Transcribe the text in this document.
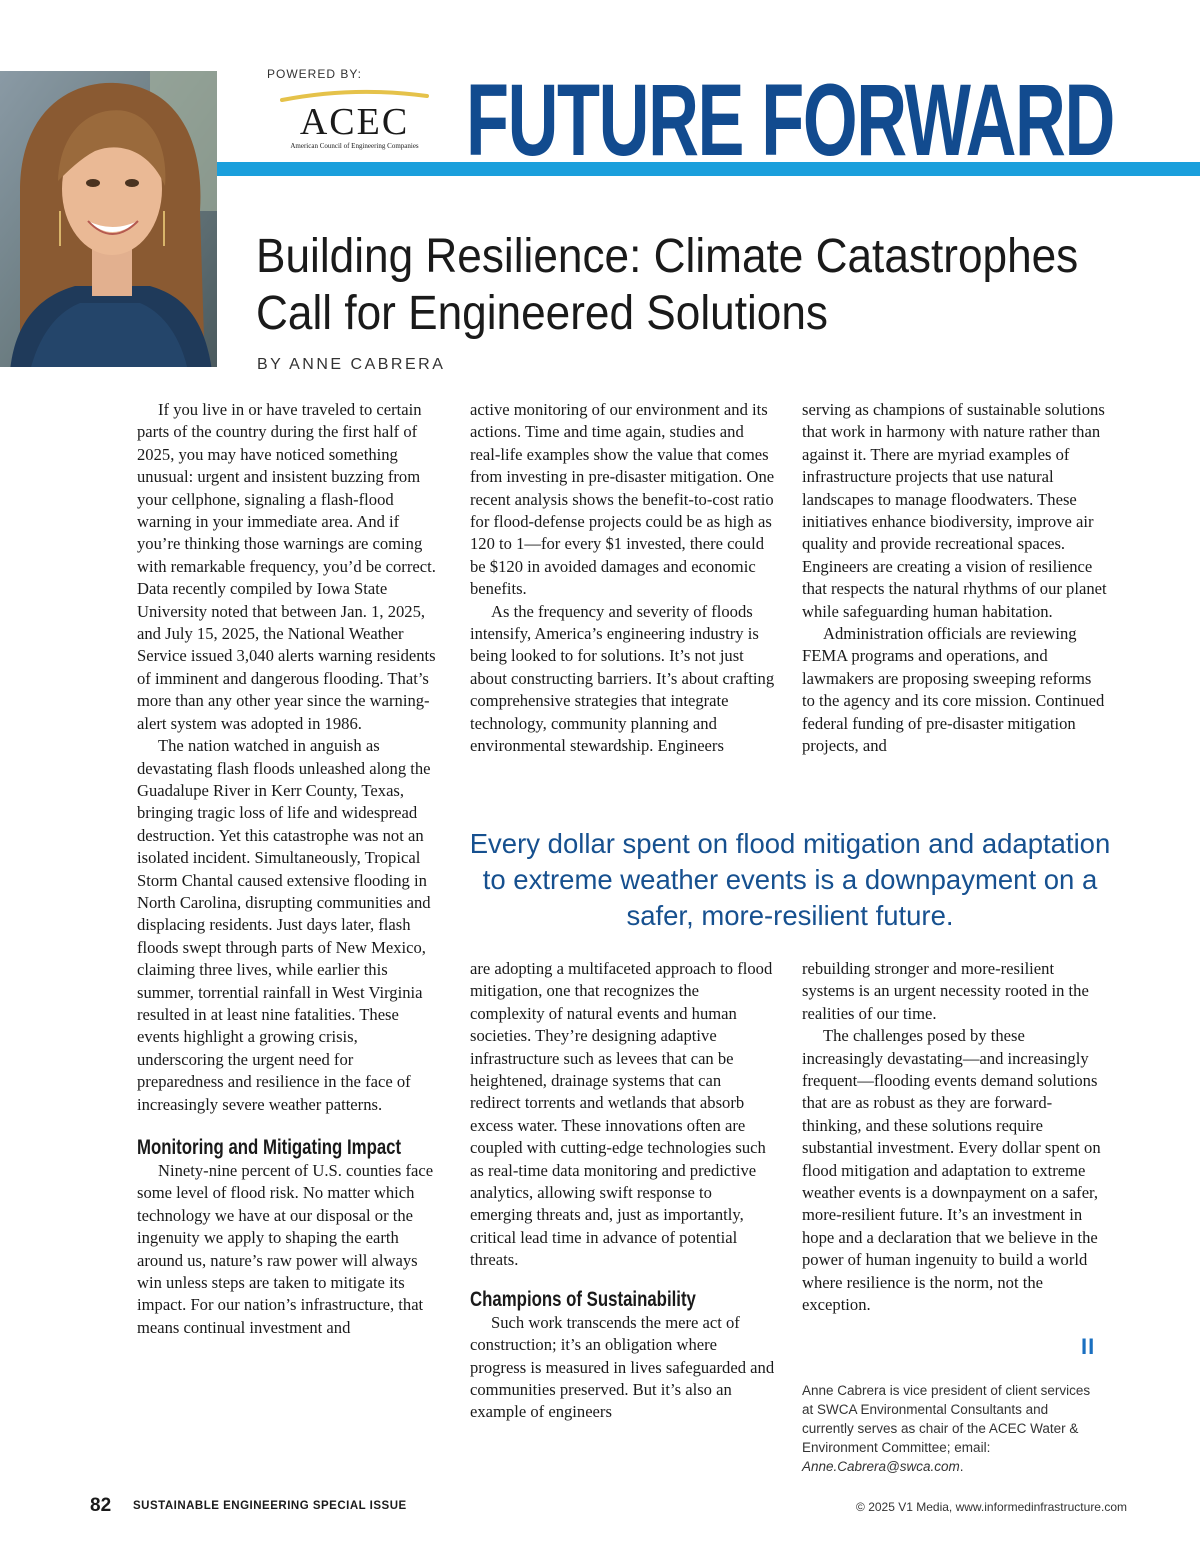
POWERED BY:
ACEC
American Council of Engineering Companies FUTURE FORWARD
Building Resilience: Climate Catastrophes
Call for Engineered Solutions
BY ANNE CABRERA

If you live in or have traveled to certain parts of the country during the first half of 2025, you may have noticed something unusual: urgent and insistent buzzing from your cellphone, signaling a flash-flood warning in your immediate area. And if you’re thinking those warnings are coming with remarkable frequency, you’d be correct. Data recently compiled by Iowa State University noted that between Jan. 1, 2025, and July 15, 2025, the National Weather Service issued 3,040 alerts warning residents of imminent and dangerous flooding. That’s more than any other year since the warning-alert system was adopted in 1986.

The nation watched in anguish as devastating flash floods unleashed along the Guadalupe River in Kerr County, Texas, bringing tragic loss of life and widespread destruction. Yet this catastrophe was not an isolated incident. Simultaneously, Tropical Storm Chantal caused extensive flooding in North Carolina, disrupting communities and displacing residents. Just days later, flash floods swept through parts of New Mexico, claiming three lives, while earlier this summer, torrential rainfall in West Virginia resulted in at least nine fatalities. These events highlight a growing crisis, underscoring the urgent need for preparedness and resilience in the face of increasingly severe weather patterns.

Monitoring and Mitigating Impact

Ninety-nine percent of U.S. counties face some level of flood risk. No matter which technology we have at our disposal or the ingenuity we apply to shaping the earth around us, nature’s raw power will always win unless steps are taken to mitigate its impact. For our nation’s infrastructure, that means continual investment and

active monitoring of our environment and its actions. Time and time again, studies and real-life examples show the value that comes from investing in pre-disaster mitigation. One recent analysis shows the benefit-to-cost ratio for flood-defense projects could be as high as 120 to 1—for every $1 invested, there could be $120 in avoided damages and economic benefits.

As the frequency and severity of floods intensify, America’s engineering industry is being looked to for solutions. It’s not just about constructing barriers. It’s about crafting comprehensive strategies that integrate technology, community planning and environmental stewardship. Engineers

serving as champions of sustainable solutions that work in harmony with nature rather than against it. There are myriad examples of infrastructure projects that use natural landscapes to manage floodwaters. These initiatives enhance biodiversity, improve air quality and provide recreational spaces. Engineers are creating a vision of resilience that respects the natural rhythms of our planet while safeguarding human habitation.

Administration officials are reviewing FEMA programs and operations, and lawmakers are proposing sweeping reforms to the agency and its core mission. Continued federal funding of pre-disaster mitigation projects, and

Every dollar spent on flood mitigation and adaptation to extreme weather events is a downpayment on a safer, more-resilient future.

are adopting a multifaceted approach to flood mitigation, one that recognizes the complexity of natural events and human societies. They’re designing adaptive infrastructure such as levees that can be heightened, drainage systems that can redirect torrents and wetlands that absorb excess water. These innovations often are coupled with cutting-edge technologies such as real-time data monitoring and predictive analytics, allowing swift response to emerging threats and, just as importantly, critical lead time in advance of potential threats.

Champions of Sustainability

Such work transcends the mere act of construction; it’s an obligation where progress is measured in lives safeguarded and communities preserved. But it’s also an example of engineers

rebuilding stronger and more-resilient systems is an urgent necessity rooted in the realities of our time.

The challenges posed by these increasingly devastating—and increasingly frequent—flooding events demand solutions that are as robust as they are forward-thinking, and these solutions require substantial investment. Every dollar spent on flood mitigation and adaptation to extreme weather events is a downpayment on a safer, more-resilient future. It’s an investment in hope and a declaration that we believe in the power of human ingenuity to build a world where resilience is the norm, not the exception.

II
Anne Cabrera is vice president of client services at SWCA Environmental Consultants and currently serves as chair of the ACEC Water & Environment Committee; email: Anne.Cabrera@swca.com.
82 SUSTAINABLE ENGINEERING SPECIAL ISSUE	© 2025 V1 Media, www.informedinfrastructure.com
